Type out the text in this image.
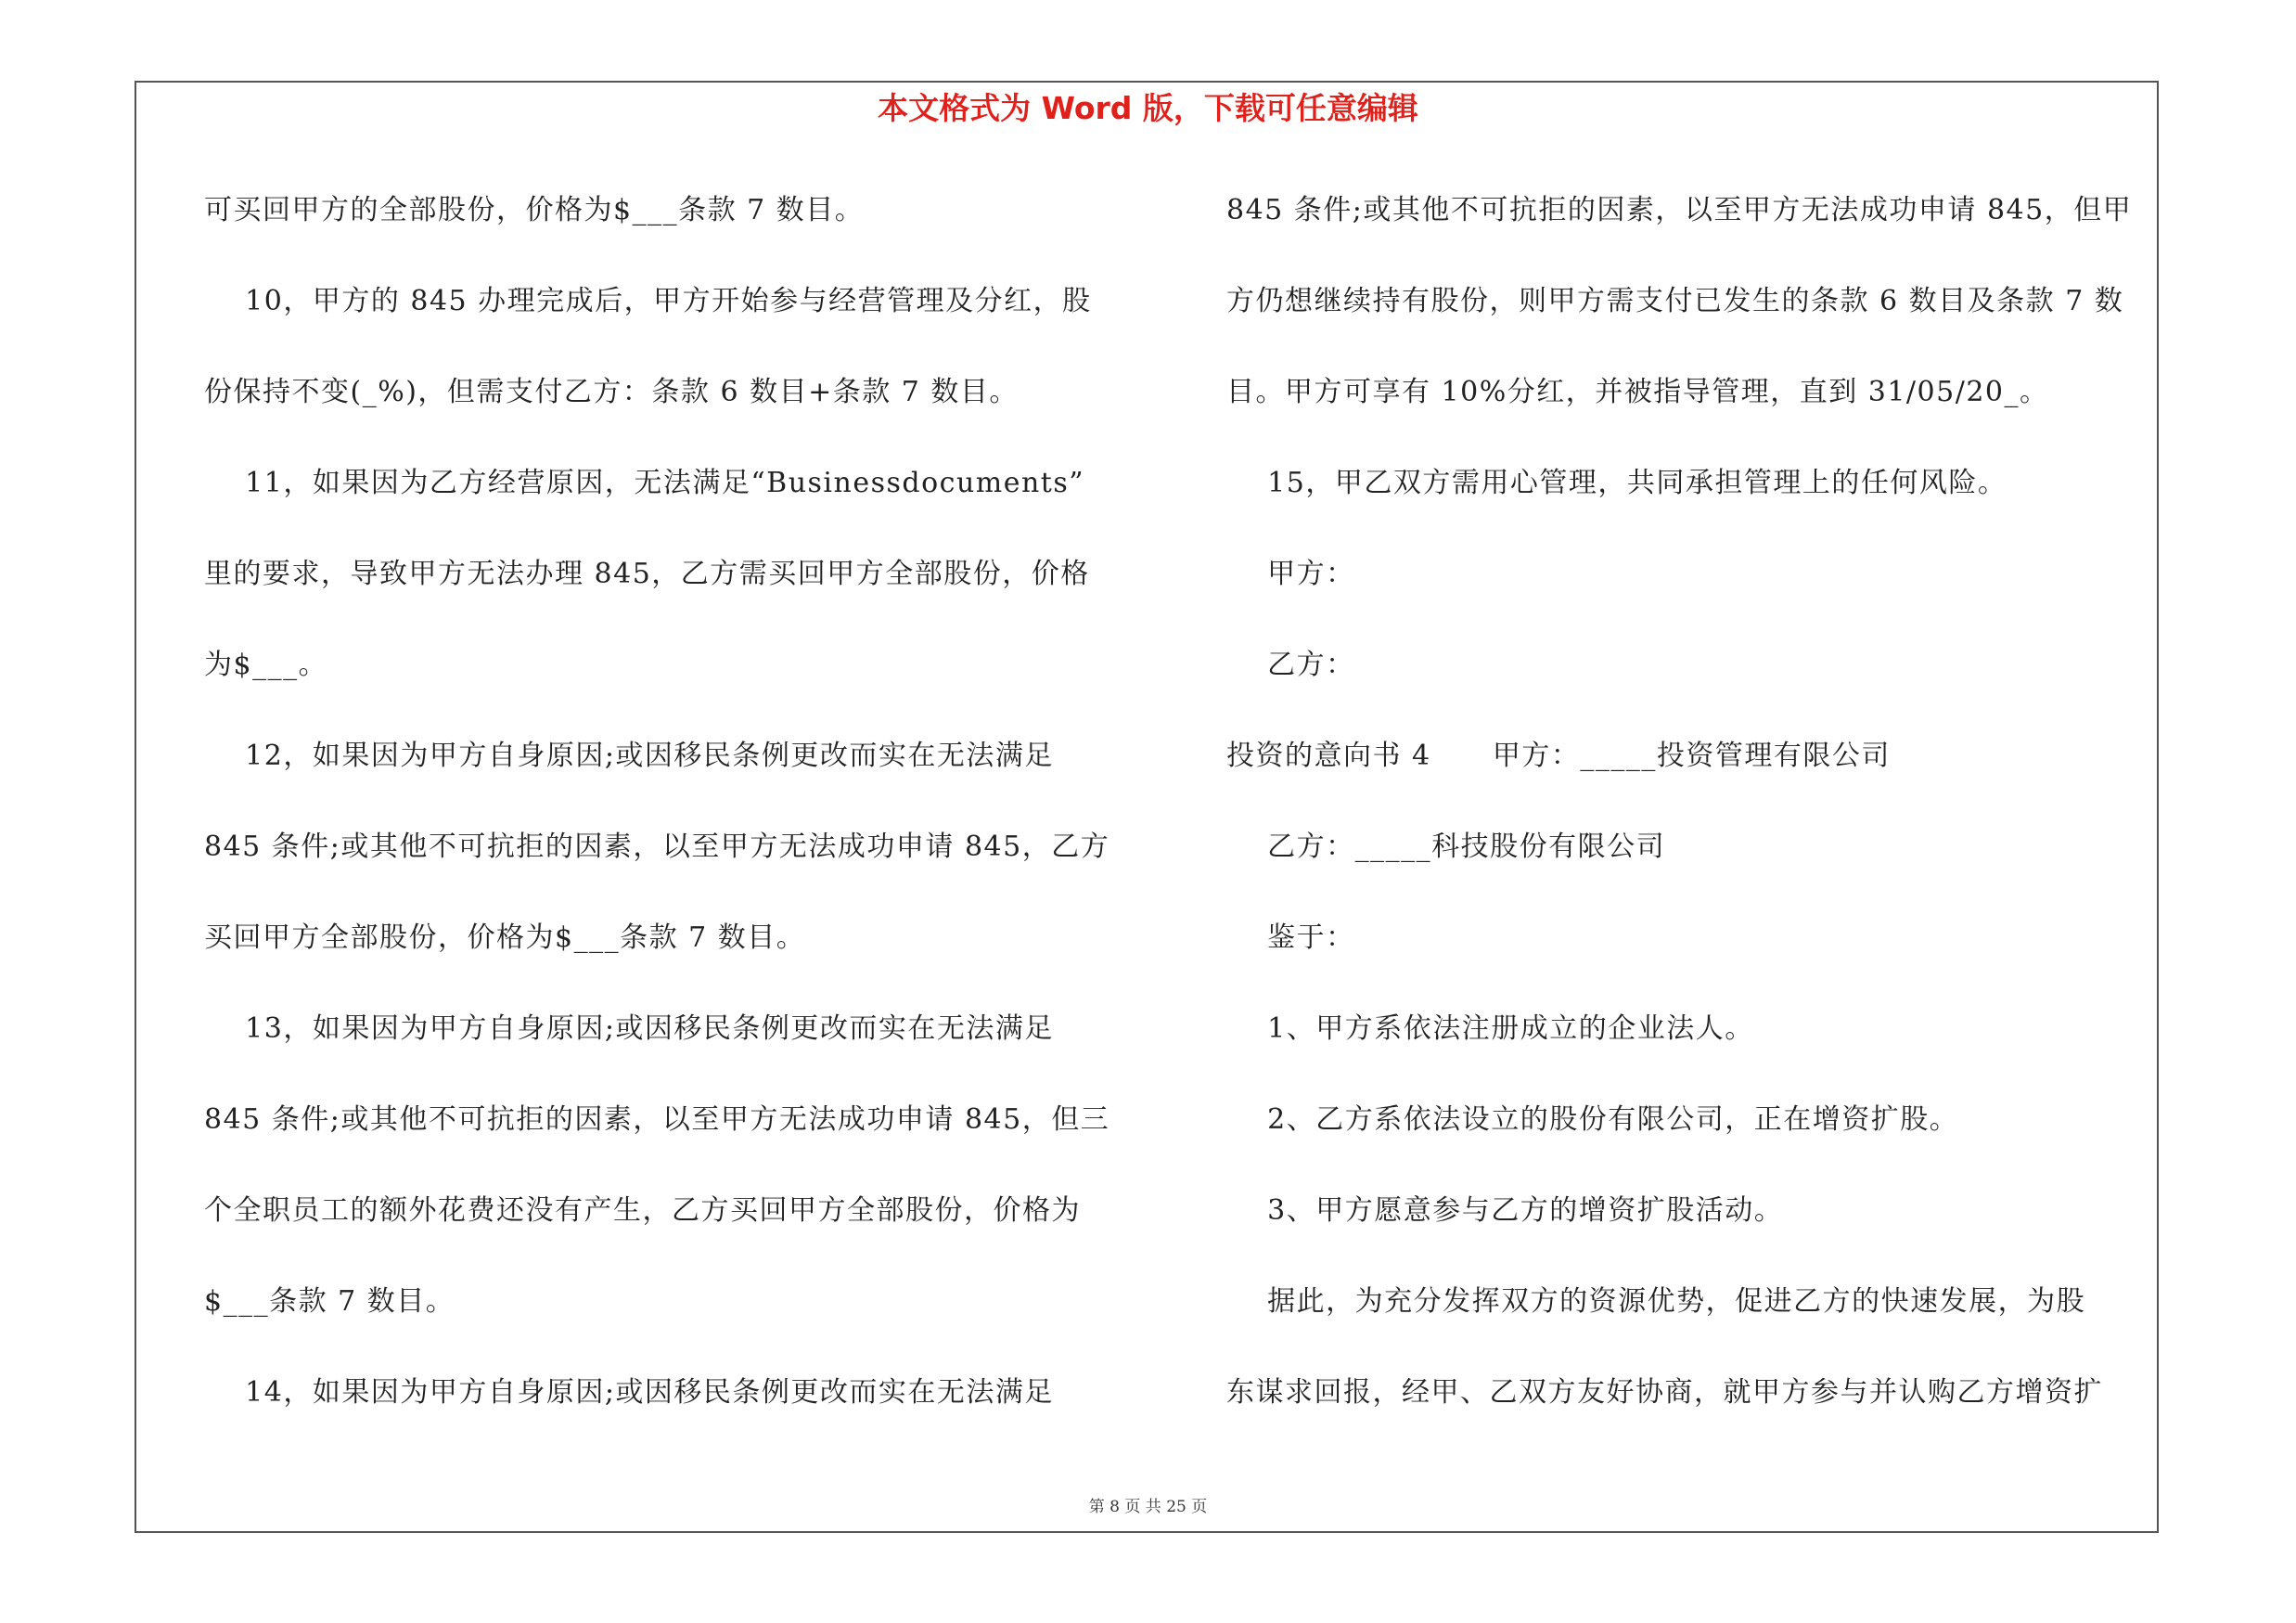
本文格式为 Word 版，下载可任意编辑
可买回甲方的全部股份，价格为$___条款 7 数目。
10，甲方的 845 办理完成后，甲方开始参与经营管理及分红，股
份保持不变(_%)，但需支付乙方：条款 6 数目+条款 7 数目。
11，如果因为乙方经营原因，无法满足“Businessdocuments”
里的要求，导致甲方无法办理 845，乙方需买回甲方全部股份，价格
为$___。
12，如果因为甲方自身原因;或因移民条例更改而实在无法满足
845 条件;或其他不可抗拒的因素，以至甲方无法成功申请 845，乙方
买回甲方全部股份，价格为$___条款 7 数目。
13，如果因为甲方自身原因;或因移民条例更改而实在无法满足
845 条件;或其他不可抗拒的因素，以至甲方无法成功申请 845，但三
个全职员工的额外花费还没有产生，乙方买回甲方全部股份，价格为
$___条款 7 数目。
14，如果因为甲方自身原因;或因移民条例更改而实在无法满足
845 条件;或其他不可抗拒的因素，以至甲方无法成功申请 845，但甲
方仍想继续持有股份，则甲方需支付已发生的条款 6 数目及条款 7 数
目。甲方可享有 10%分红，并被指导管理，直到 31/05/20_。
15，甲乙双方需用心管理，共同承担管理上的任何风险。
甲方：
乙方：
投资的意向书 4      甲方：_____投资管理有限公司
乙方：_____科技股份有限公司
鉴于：
1、甲方系依法注册成立的企业法人。
2、乙方系依法设立的股份有限公司，正在增资扩股。
3、甲方愿意参与乙方的增资扩股活动。
据此，为充分发挥双方的资源优势，促进乙方的快速发展，为股
东谋求回报，经甲、乙双方友好协商，就甲方参与并认购乙方增资扩
第 8 页 共 25 页
